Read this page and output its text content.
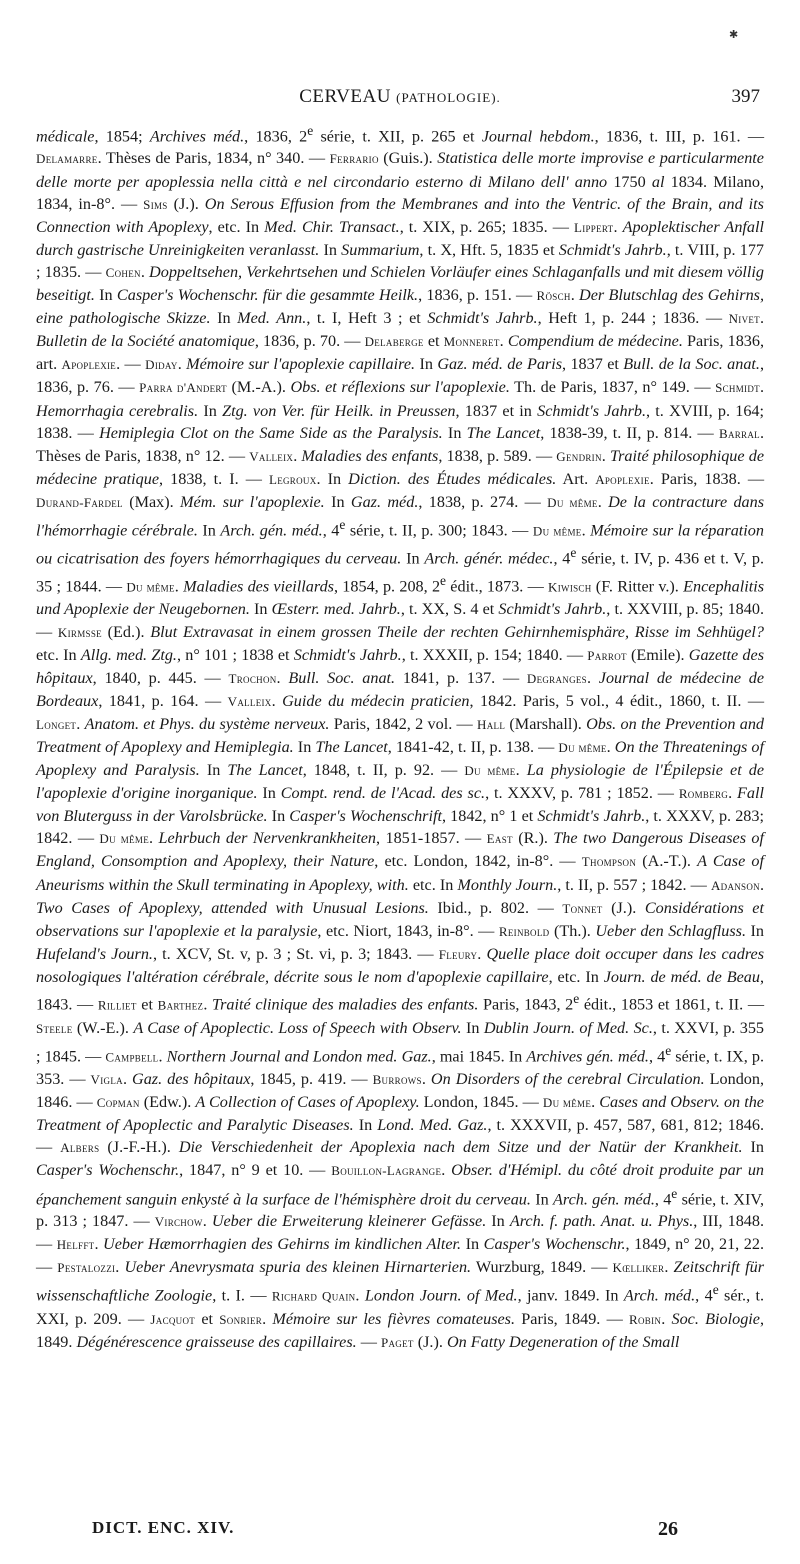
✱
CERVEAU (PATHOLOGIE).	397

médicale, 1854; Archives méd., 1836, 2e série, t. XII, p. 265 et Journal hebdom., 1836, t. III, p. 161. — Delamarre. Thèses de Paris, 1834, n° 340. — Ferrario (Guis.). Statistica delle morte improvise e particularmente delle morte per apoplessia nella città e nel circondario esterno di Milano dell' anno 1750 al 1834. Milano, 1834, in-8°. — Sims (J.). On Serous Effusion from the Membranes and into the Ventric. of the Brain, and its Connection with Apoplexy, etc. In Med. Chir. Transact., t. XIX, p. 265; 1835. — Lippert. Apoplektischer Anfall durch gastrische Unreinigkeiten veranlasst. In Summarium, t. X, Hft. 5, 1835 et Schmidt's Jahrb., t. VIII, p. 177 ; 1835. — Cohen. Doppeltsehen, Verkehrtsehen und Schielen Vorläufer eines Schlaganfalls und mit diesem völlig beseitigt. In Casper's Wochenschr. für die gesammte Heilk., 1836, p. 151. — Rösch. Der Blutschlag des Gehirns, eine pathologische Skizze. In Med. Ann., t. I, Heft 3 ; et Schmidt's Jahrb., Heft 1, p. 244 ; 1836. — Nivet. Bulletin de la Société anatomique, 1836, p. 70. — Delaberge et Monneret. Compendium de médecine. Paris, 1836, art. Apoplexie. — Diday. Mémoire sur l'apoplexie capillaire. In Gaz. méd. de Paris, 1837 et Bull. de la Soc. anat., 1836, p. 76. — Parra d'Andert (M.-A.). Obs. et réflexions sur l'apoplexie. Th. de Paris, 1837, n° 149. — Schmidt. Hemorrhagia cerebralis. In Ztg. von Ver. für Heilk. in Preussen, 1837 et in Schmidt's Jahrb., t. XVIII, p. 164; 1838. — Hemiplegia Clot on the Same Side as the Paralysis. In The Lancet, 1838-39, t. II, p. 814. — Barral. Thèses de Paris, 1838, n° 12. — Valleix. Maladies des enfants, 1838, p. 589. — Gendrin. Traité philosophique de médecine pratique, 1838, t. I. — Legroux. In Diction. des Études médicales. Art. Apoplexie. Paris, 1838. — Durand-Fardel (Max). Mém. sur l'apoplexie. In Gaz. méd., 1838, p. 274. — Du même. De la contracture dans l'hémorrhagie cérébrale. In Arch. gén. méd., 4e série, t. II, p. 300; 1843. — Du même. Mémoire sur la réparation ou cicatrisation des foyers hémorrhagiques du cerveau. In Arch. génér. médec., 4e série, t. IV, p. 436 et t. V, p. 35 ; 1844. — Du même. Maladies des vieillards, 1854, p. 208, 2e édit., 1873. — Kiwisch (F. Ritter v.). Encephalitis und Apoplexie der Neugebornen. In Œsterr. med. Jahrb., t. XX, S. 4 et Schmidt's Jahrb., t. XXVIII, p. 85; 1840. — Kirmsse (Ed.). Blut Extravasat in einem grossen Theile der rechten Gehirnhemisphäre, Risse im Sehhügel? etc. In Allg. med. Ztg., n° 101 ; 1838 et Schmidt's Jahrb., t. XXXII, p. 154; 1840. — Parrot (Emile). Gazette des hôpitaux, 1840, p. 445. — Trochon. Bull. Soc. anat. 1841, p. 137. — Degranges. Journal de médecine de Bordeaux, 1841, p. 164. — Valleix. Guide du médecin praticien, 1842. Paris, 5 vol., 4 édit., 1860, t. II. — Longet. Anatom. et Phys. du système nerveux. Paris, 1842, 2 vol. — Hall (Marshall). Obs. on the Prevention and Treatment of Apoplexy and Hemiplegia. In The Lancet, 1841-42, t. II, p. 138. — Du même. On the Threatenings of Apoplexy and Paralysis. In The Lancet, 1848, t. II, p. 92. — Du même. La physiologie de l'Épilepsie et de l'apoplexie d'origine inorganique. In Compt. rend. de l'Acad. des sc., t. XXXV, p. 781 ; 1852. — Romberg. Fall von Bluterguss in der Varolsbrücke. In Casper's Wochenschrift, 1842, n° 1 et Schmidt's Jahrb., t. XXXV, p. 283; 1842. — Du même. Lehrbuch der Nervenkrankheiten, 1851-1857. — East (R.). The two Dangerous Diseases of England, Consomption and Apoplexy, their Nature, etc. London, 1842, in-8°. — Thompson (A.-T.). A Case of Aneurisms within the Skull terminating in Apoplexy, with. etc. In Monthly Journ., t. II, p. 557 ; 1842. — Adanson. Two Cases of Apoplexy, attended with Unusual Lesions. Ibid., p. 802. — Tonnet (J.). Considérations et observations sur l'apoplexie et la paralysie, etc. Niort, 1843, in-8°. — Reinbold (Th.). Ueber den Schlagfluss. In Hufeland's Journ., t. XCV, St. v, p. 3 ; St. vi, p. 3; 1843. — Fleury. Quelle place doit occuper dans les cadres nosologiques l'altération cérébrale, décrite sous le nom d'apoplexie capillaire, etc. In Journ. de méd. de Beau, 1843. — Rilliet et Barthez. Traité clinique des maladies des enfants. Paris, 1843, 2e édit., 1853 et 1861, t. II. — Steele (W.-E.). A Case of Apoplectic. Loss of Speech with Observ. In Dublin Journ. of Med. Sc., t. XXVI, p. 355 ; 1845. — Campbell. Northern Journal and London med. Gaz., mai 1845. In Archives gén. méd., 4e série, t. IX, p. 353. — Vigla. Gaz. des hôpitaux, 1845, p. 419. — Burrows. On Disorders of the cerebral Circulation. London, 1846. — Copman (Edw.). A Collection of Cases of Apoplexy. London, 1845. — Du même. Cases and Observ. on the Treatment of Apoplectic and Paralytic Diseases. In Lond. Med. Gaz., t. XXXVII, p. 457, 587, 681, 812; 1846. — Albers (J.-F.-H.). Die Verschiedenheit der Apoplexia nach dem Sitze und der Natür der Krankheit. In Casper's Wochenschr., 1847, n° 9 et 10. — Bouillon-Lagrange. Obser. d'Hémipl. du côté droit produite par un épanchement sanguin enkysté à la surface de l'hémisphère droit du cerveau. In Arch. gén. méd., 4e série, t. XIV, p. 313 ; 1847. — Virchow. Ueber die Erweiterung kleinerer Gefässe. In Arch. f. path. Anat. u. Phys., III, 1848. — Helfft. Ueber Hæmorrhagien des Gehirns im kindlichen Alter. In Casper's Wochenschr., 1849, n° 20, 21, 22. — Pestalozzi. Ueber Anevrysmata spuria des kleinen Hirnarterien. Wurzburg, 1849. — Kœlliker. Zeitschrift für wissenschaftliche Zoologie, t. I. — Richard Quain. London Journ. of Med., janv. 1849. In Arch. méd., 4e sér., t. XXI, p. 209. — Jacquot et Sonrier. Mémoire sur les fièvres comateuses. Paris, 1849. — Robin. Soc. Biologie, 1849. Dégénérescence graisseuse des capillaires. — Paget (J.). On Fatty Degeneration of the Small

DICT. ENC. XIV.	26
